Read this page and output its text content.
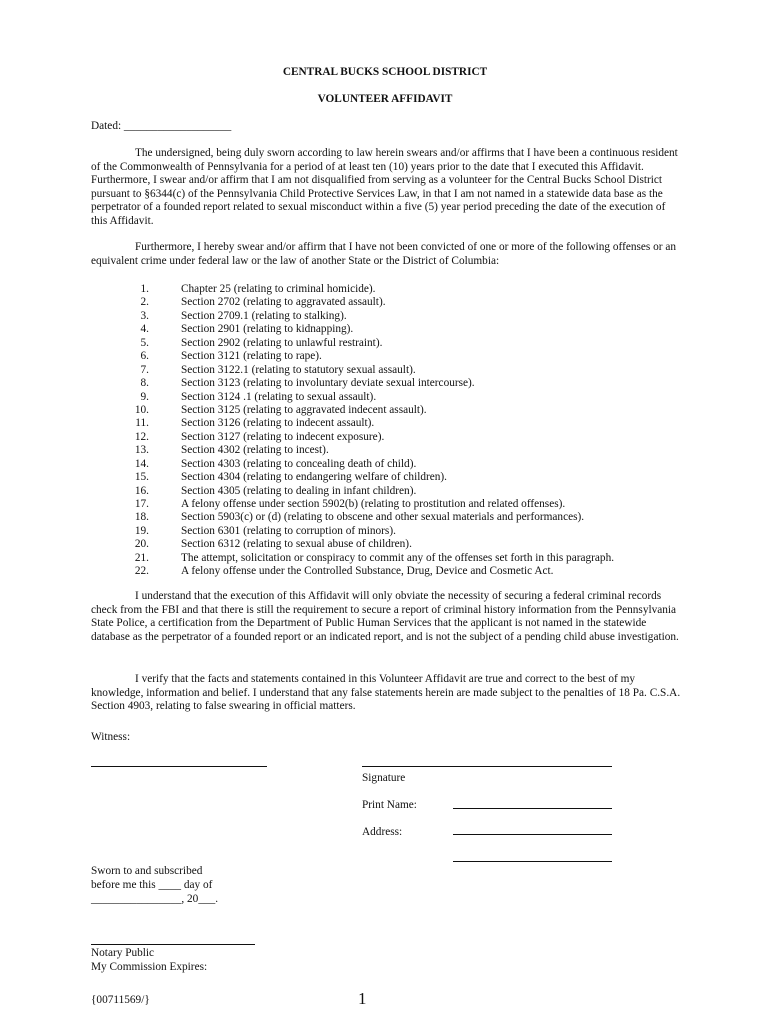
CENTRAL BUCKS SCHOOL DISTRICT
VOLUNTEER AFFIDAVIT
Dated: ___________________
The undersigned, being duly sworn according to law herein swears and/or affirms that I have been a continuous resident of the Commonwealth of Pennsylvania for a period of at least ten (10) years prior to the date that I executed this Affidavit. Furthermore, I swear and/or affirm that I am not disqualified from serving as a volunteer for the Central Bucks School District pursuant to §6344(c) of the Pennsylvania Child Protective Services Law, in that I am not named in a statewide data base as the perpetrator of a founded report related to sexual misconduct within a five (5) year period preceding the date of the execution of this Affidavit.
Furthermore, I hereby swear and/or affirm that I have not been convicted of one or more of the following offenses or an equivalent crime under federal law or the law of another State or the District of Columbia:
1.	Chapter 25 (relating to criminal homicide).
2.	Section 2702 (relating to aggravated assault).
3.	Section 2709.1 (relating to stalking).
4.	Section 2901 (relating to kidnapping).
5.	Section 2902 (relating to unlawful restraint).
6.	Section 3121 (relating to rape).
7.	Section 3122.1 (relating to statutory sexual assault).
8.	Section 3123 (relating to involuntary deviate sexual intercourse).
9.	Section 3124 .1 (relating to sexual assault).
10.	Section 3125 (relating to aggravated indecent assault).
11.	Section 3126 (relating to indecent assault).
12.	Section 3127 (relating to indecent exposure).
13.	Section 4302 (relating to incest).
14.	Section 4303 (relating to concealing death of child).
15.	Section 4304 (relating to endangering welfare of children).
16.	Section 4305 (relating to dealing in infant children).
17.	A felony offense under section 5902(b) (relating to prostitution and related offenses).
18.	Section 5903(c) or (d) (relating to obscene and other sexual materials and performances).
19.	Section 6301 (relating to corruption of minors).
20.	Section 6312 (relating to sexual abuse of children).
21.	The attempt, solicitation or conspiracy to commit any of the offenses set forth in this paragraph.
22.	A felony offense under the Controlled Substance, Drug, Device and Cosmetic Act.
I understand that the execution of this Affidavit will only obviate the necessity of securing a federal criminal records check from the FBI and that there is still the requirement to secure a report of criminal history information from the Pennsylvania State Police, a certification from the Department of Public Human Services that the applicant is not named in the statewide database as the perpetrator of a founded report or an indicated report, and is not the subject of a pending child abuse investigation.
I verify that the facts and statements contained in this Volunteer Affidavit are true and correct to the best of my knowledge, information and belief. I understand that any false statements herein are made subject to the penalties of 18 Pa. C.S.A. Section 4903, relating to false swearing in official matters.
Witness:
Signature
Print Name:
Address:
Sworn to and subscribed
before me this ____ day of
________________, 20___.
Notary Public
My Commission Expires:
{00711569/}	1
